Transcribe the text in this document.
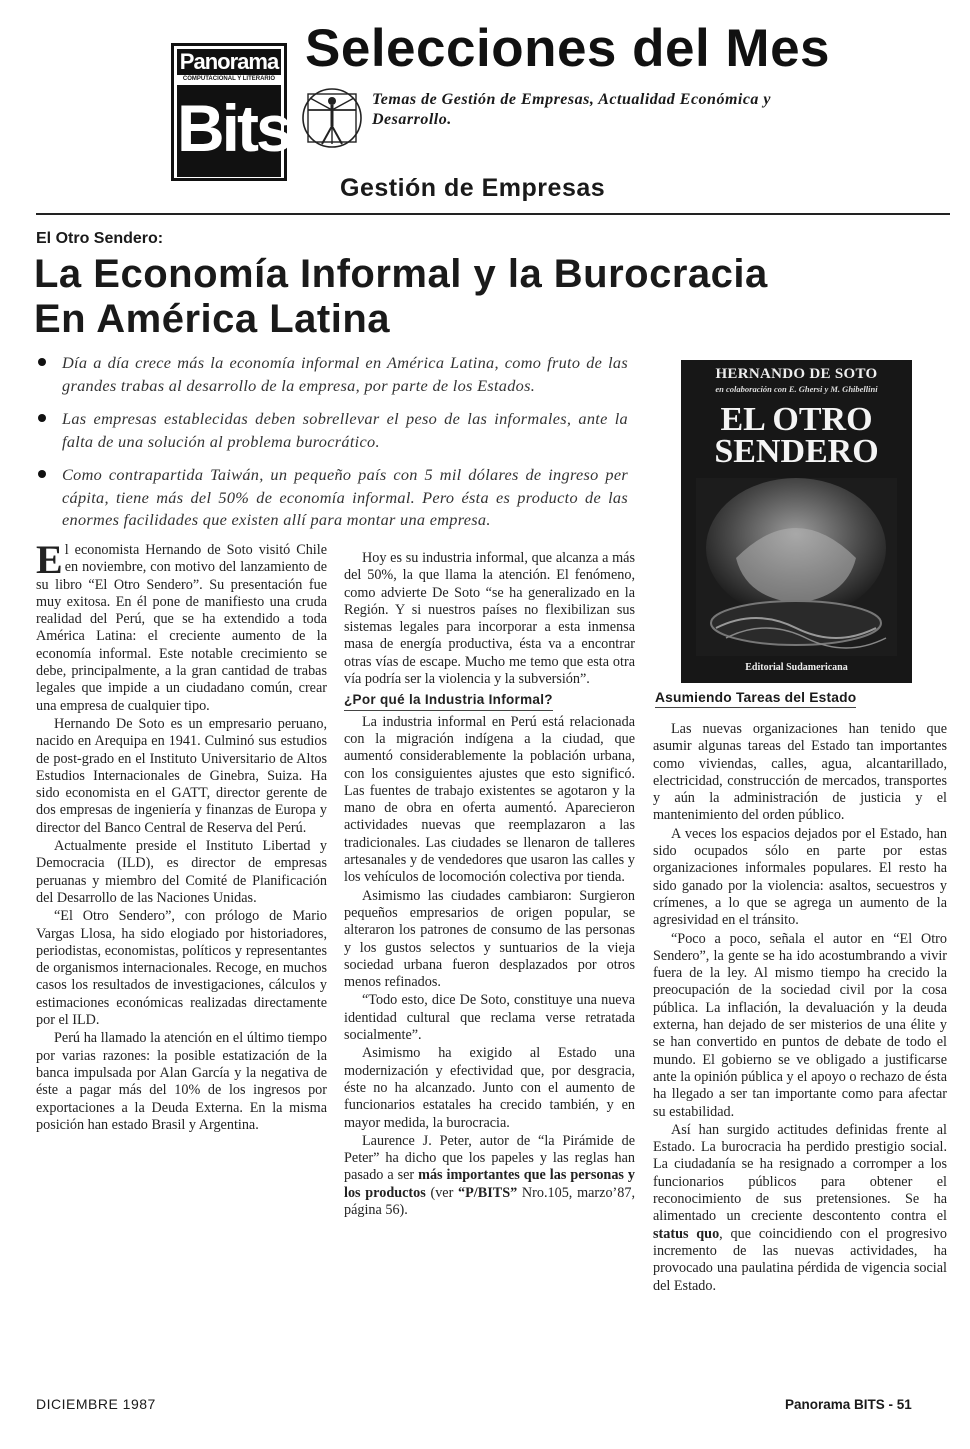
Panorama
COMPUTACIONAL Y LITERARIO
Bits
Selecciones del Mes
Temas de Gestión de Empresas, Actualidad Económica y Desarrollo.
Gestión de Empresas
El Otro Sendero:
La Economía Informal y la Burocracia
En América Latina
Día a día crece más la economía informal en América Latina, como fruto de las grandes trabas al desarrollo de la empresa, por parte de los Estados.
Las empresas establecidas deben sobrellevar el peso de las informales, ante la falta de una solución al problema burocrático.
Como contrapartida Taiwán, un pequeño país con 5 mil dólares de ingreso per cápita, tiene más del 50% de economía informal. Pero ésta es producto de las enormes facilidades que existen allí para montar una empresa.

El economista Hernando de Soto visitó Chile en noviembre, con motivo del lanzamiento de su libro “El Otro Sendero”. Su presentación fue muy exitosa. En él pone de manifiesto una cruda realidad del Perú, que se ha extendido a toda América Latina: el creciente aumento de la economía informal. Este notable crecimiento se debe, principalmente, a la gran cantidad de trabas legales que impide a un ciudadano común, crear una empresa de cualquier tipo.

Hernando De Soto es un empresario peruano, nacido en Arequipa en 1941. Culminó sus estudios de post-grado en el Instituto Universitario de Altos Estudios Internacionales de Ginebra, Suiza. Ha sido economista en el GATT, director gerente de dos empresas de ingeniería y finanzas de Europa y director del Banco Central de Reserva del Perú.

Actualmente preside el Instituto Libertad y Democracia (ILD), es director de empresas peruanas y miembro del Comité de Planificación del Desarrollo de las Naciones Unidas.

“El Otro Sendero”, con prólogo de Mario Vargas Llosa, ha sido elogiado por historiadores, periodistas, economistas, políticos y representantes de organismos internacionales. Recoge, en muchos casos los resultados de investigaciones, cálculos y estimaciones económicas realizadas directamente por el ILD.

Perú ha llamado la atención en el último tiempo por varias razones: la posible estatización de la banca impulsada por Alan García y la negativa de éste a pagar más del 10% de los ingresos por exportaciones a la Deuda Externa. En la misma posición han estado Brasil y Argentina.

Hoy es su industria informal, que alcanza a más del 50%, la que llama la atención. El fenómeno, como advierte De Soto “se ha generalizado en la Región. Y si nuestros países no flexibilizan sus sistemas legales para incorporar a esta inmensa masa de energía productiva, ésta va a encontrar otras vías de escape. Mucho me temo que esta otra vía podría ser la violencia y la subversión”.

¿Por qué la Industria Informal?

La industria informal en Perú está relacionada con la migración indígena a la ciudad, que aumentó considerablemente la población urbana, con los consiguientes ajustes que esto significó. Las fuentes de trabajo existentes se agotaron y la mano de obra en oferta aumentó. Aparecieron actividades nuevas que reemplazaron a las tradicionales. Las ciudades se llenaron de talleres artesanales y de vendedores que usaron las calles y los vehículos de locomoción colectiva por tienda.

Asimismo las ciudades cambiaron: Surgieron pequeños empresarios de origen popular, se alteraron los patrones de consumo de las personas y los gustos selectos y suntuarios de la vieja sociedad urbana fueron desplazados por otros menos refinados.

“Todo esto, dice De Soto, constituye una nueva identidad cultural que reclama verse retratada socialmente”.

Asimismo ha exigido al Estado una modernización y efectividad que, por desgracia, éste no ha alcanzado. Junto con el aumento de funcionarios estatales ha crecido también, y en mayor medida, la burocracia.

Laurence J. Peter, autor de “la Pirámide de Peter” ha dicho que los papeles y las reglas han pasado a ser más importantes que las personas y los productos (ver “P/BITS” Nro.105, marzo’87, página 56).

HERNANDO DE SOTO
en colaboración con E. Ghersi y M. Ghibellini
EL OTRO
SENDERO
Editorial Sudamericana
Asumiendo Tareas del Estado

Las nuevas organizaciones han tenido que asumir algunas tareas del Estado tan importantes como viviendas, calles, agua, alcantarillado, electricidad, construcción de mercados, transportes y aún la administración de justicia y el mantenimiento del orden público.

A veces los espacios dejados por el Estado, han sido ocupados sólo en parte por estas organizaciones informales populares. El resto ha sido ganado por la violencia: asaltos, secuestros y crímenes, a lo que se agrega un aumento de la agresividad en el tránsito.

“Poco a poco, señala el autor en “El Otro Sendero”, la gente se ha ido acostumbrando a vivir fuera de la ley. Al mismo tiempo ha crecido la preocupación de la sociedad civil por la cosa pública. La inflación, la devaluación y la deuda externa, han dejado de ser misterios de una élite y se han convertido en puntos de debate de todo el mundo. El gobierno se ve obligado a justificarse ante la opinión pública y el apoyo o rechazo de ésta ha llegado a ser tan importante como para afectar su estabilidad.

Así han surgido actitudes definidas frente al Estado. La burocracia ha perdido prestigio social. La ciudadanía se ha resignado a corromper a los funcionarios públicos para obtener el reconocimiento de sus pretensiones. Se ha alimentado un creciente descontento contra el status quo, que coincidiendo con el progresivo incremento de las nuevas actividades, ha provocado una paulatina pérdida de vigencia social del Estado.

DICIEMBRE 1987	Panorama BITS - 51
